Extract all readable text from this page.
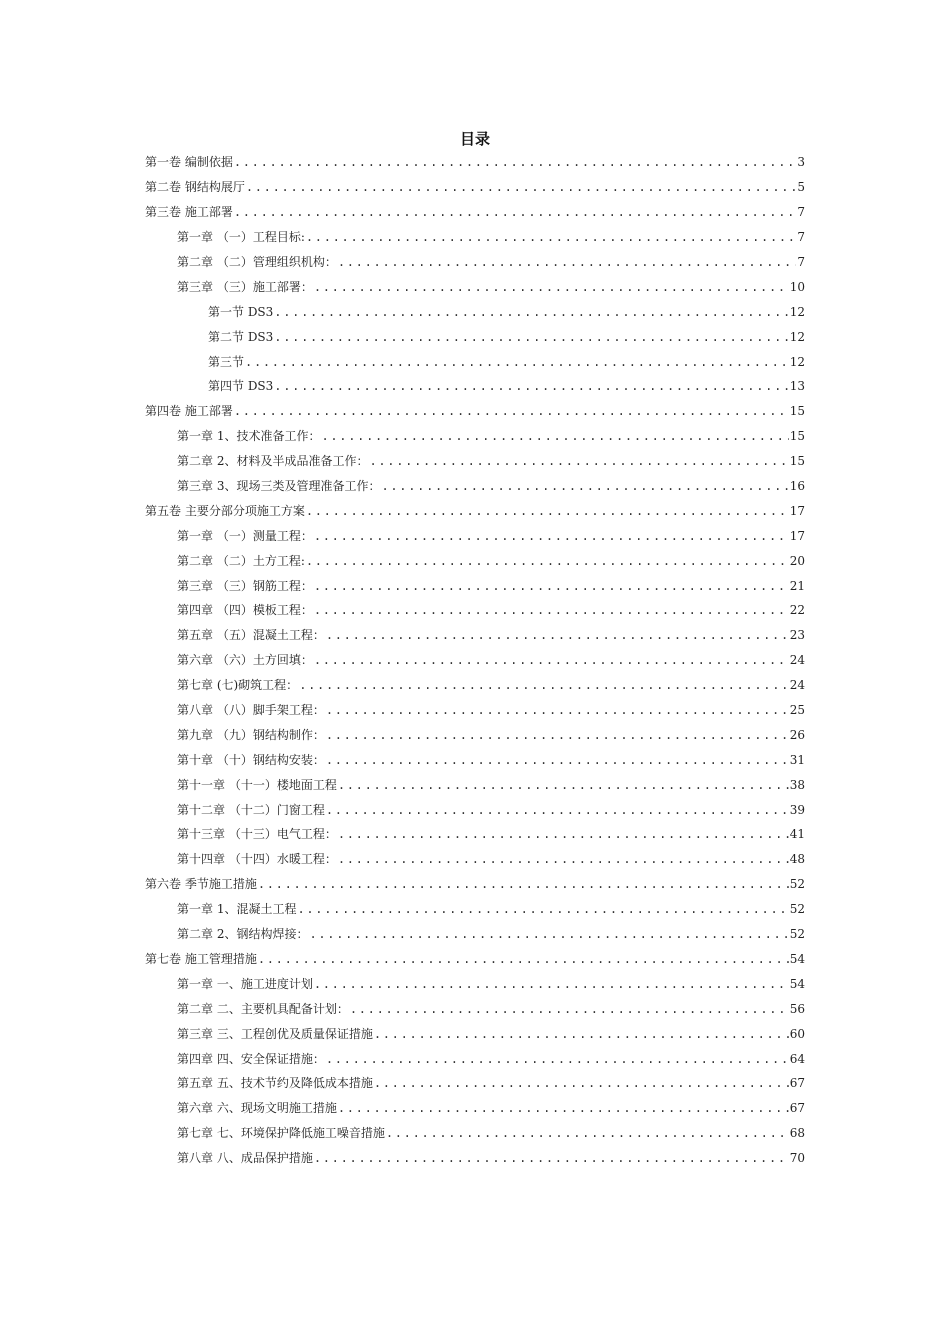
目录
第一卷 编制依据 .....	3
第二卷 钢结构展厅 .....	5
第三卷 施工部署 .....	7
第一章 （一）工程目标: .....	7
第二章 （二）管理组织机构： .....	7
第三章 （三）施工部署： .....	10
第一节 DS3 .....	12
第二节 DS3 .....	12
第三节 .....	12
第四节 DS3 .....	13
第四卷 施工部署 .....	15
第一章 1、技术准备工作： .....	15
第二章 2、材料及半成品准备工作： .....	15
第三章 3、现场三类及管理准备工作： .....	16
第五卷 主要分部分项施工方案 .....	17
第一章 （一）测量工程： .....	17
第二章 （二）土方工程: .....	20
第三章 （三）钢筋工程： .....	21
第四章 （四）模板工程： .....	22
第五章 （五）混凝土工程： .....	23
第六章 （六）土方回填： .....	24
第七章 (七)砌筑工程： .....	24
第八章 （八）脚手架工程： .....	25
第九章 （九）钢结构制作： .....	26
第十章 （十）钢结构安装： .....	31
第十一章 （十一）楼地面工程 .....	38
第十二章 （十二）门窗工程 .....	39
第十三章 （十三）电气工程： .....	41
第十四章 （十四）水暖工程： .....	48
第六卷 季节施工措施 .....	52
第一章 1、混凝土工程 .....	52
第二章 2、钢结构焊接： .....	52
第七卷 施工管理措施 .....	54
第一章 一、施工进度计划 .....	54
第二章 二、主要机具配备计划： .....	56
第三章 三、工程创优及质量保证措施 .....	60
第四章 四、安全保证措施： .....	64
第五章 五、技术节约及降低成本措施 .....	67
第六章 六、现场文明施工措施 .....	67
第七章 七、环境保护降低施工噪音措施 .....	68
第八章 八、成品保护措施 .....	70
